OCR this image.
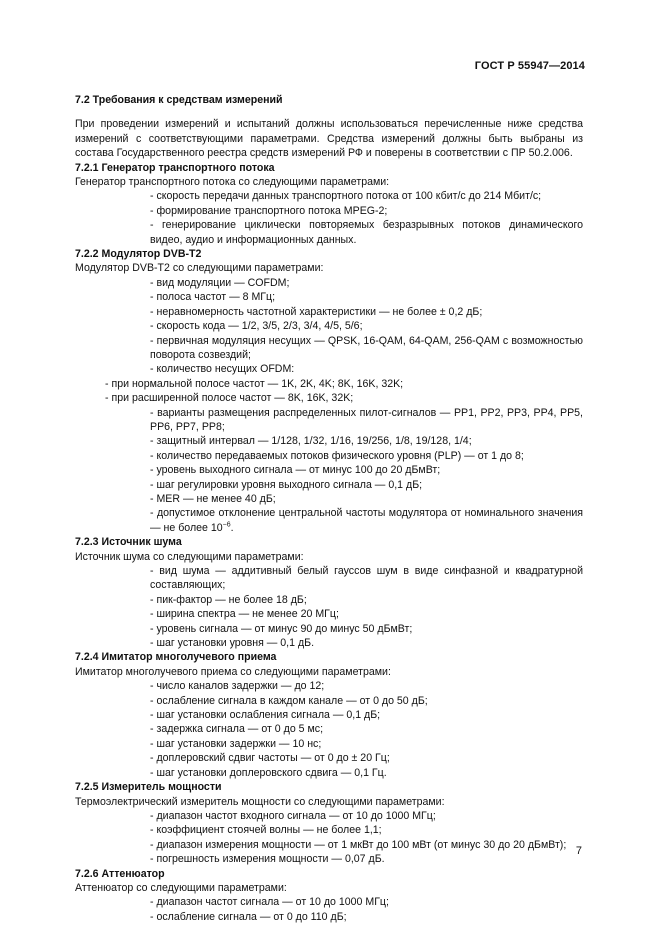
ГОСТ Р 55947—2014

7.2 Требования к средствам измерений

При проведении измерений и испытаний должны использоваться перечисленные ниже средства измерений с соответствующими параметрами. Средства измерений должны быть выбраны из состава Государственного реестра средств измерений РФ и поверены в соответствии с ПР 50.2.006.

7.2.1 Генератор транспортного потока

Генератор транспортного потока со следующими параметрами:

- скорость передачи данных транспортного потока от 100 кбит/с до 214 Мбит/с;

- формирование транспортного потока MPEG-2;

- генерирование циклически повторяемых безразрывных потоков динамического видео, аудио и информационных данных.

7.2.2 Модулятор DVB-T2

Модулятор DVB-T2 со следующими параметрами:

- вид модуляции — COFDM;

- полоса частот — 8 МГц;

- неравномерность частотной характеристики — не более ± 0,2 дБ;

- скорость кода — 1/2, 3/5, 2/3, 3/4, 4/5, 5/6;

- первичная модуляция несущих — QPSK, 16-QAM, 64-QAM, 256-QAM с возможностью поворота созвездий;

- количество несущих OFDM:

- при нормальной полосе частот — 1K, 2K, 4K; 8K, 16K, 32K;

- при расширенной полосе частот — 8K, 16K, 32K;

- варианты размещения распределенных пилот-сигналов — PP1, PP2, PP3, PP4, PP5, PP6, PP7, PP8;

- защитный интервал — 1/128, 1/32, 1/16, 19/256, 1/8, 19/128, 1/4;

- количество передаваемых потоков физического уровня (PLP) — от 1 до 8;

- уровень выходного сигнала — от минус 100 до 20 дБмВт;

- шаг регулировки уровня выходного сигнала — 0,1 дБ;

- MER — не менее 40 дБ;

- допустимое отклонение центральной частоты модулятора от номинального значения — не более $10^{-6}$.

7.2.3 Источник шума

Источник шума со следующими параметрами:

- вид шума — аддитивный белый гауссов шум в виде синфазной и квадратурной составляющих;

- пик-фактор — не более 18 дБ;

- ширина спектра — не менее 20 МГц;

- уровень сигнала — от минус 90 до минус 50 дБмВт;

- шаг установки уровня — 0,1 дБ.

7.2.4 Имитатор многолучевого приема

Имитатор многолучевого приема со следующими параметрами:

- число каналов задержки — до 12;

- ослабление сигнала в каждом канале — от 0 до 50 дБ;

- шаг установки ослабления сигнала — 0,1 дБ;

- задержка сигнала — от 0 до 5 мс;

- шаг установки задержки — 10 нс;

- доплеровский сдвиг частоты — от 0 до ± 20 Гц;

- шаг установки доплеровского сдвига — 0,1 Гц.

7.2.5 Измеритель мощности

Термоэлектрический измеритель мощности со следующими параметрами:

- диапазон частот входного сигнала — от 10 до 1000 МГц;

- коэффициент стоячей волны — не более 1,1;

- диапазон измерения мощности — от 1 мкВт до 100 мВт (от минус 30 до 20 дБмВт);

- погрешность измерения мощности — 0,07 дБ.

7.2.6 Аттенюатор

Аттенюатор со следующими параметрами:

- диапазон частот сигнала — от 10 до 1000 МГц;

- ослабление сигнала — от 0 до 110 дБ;

7
